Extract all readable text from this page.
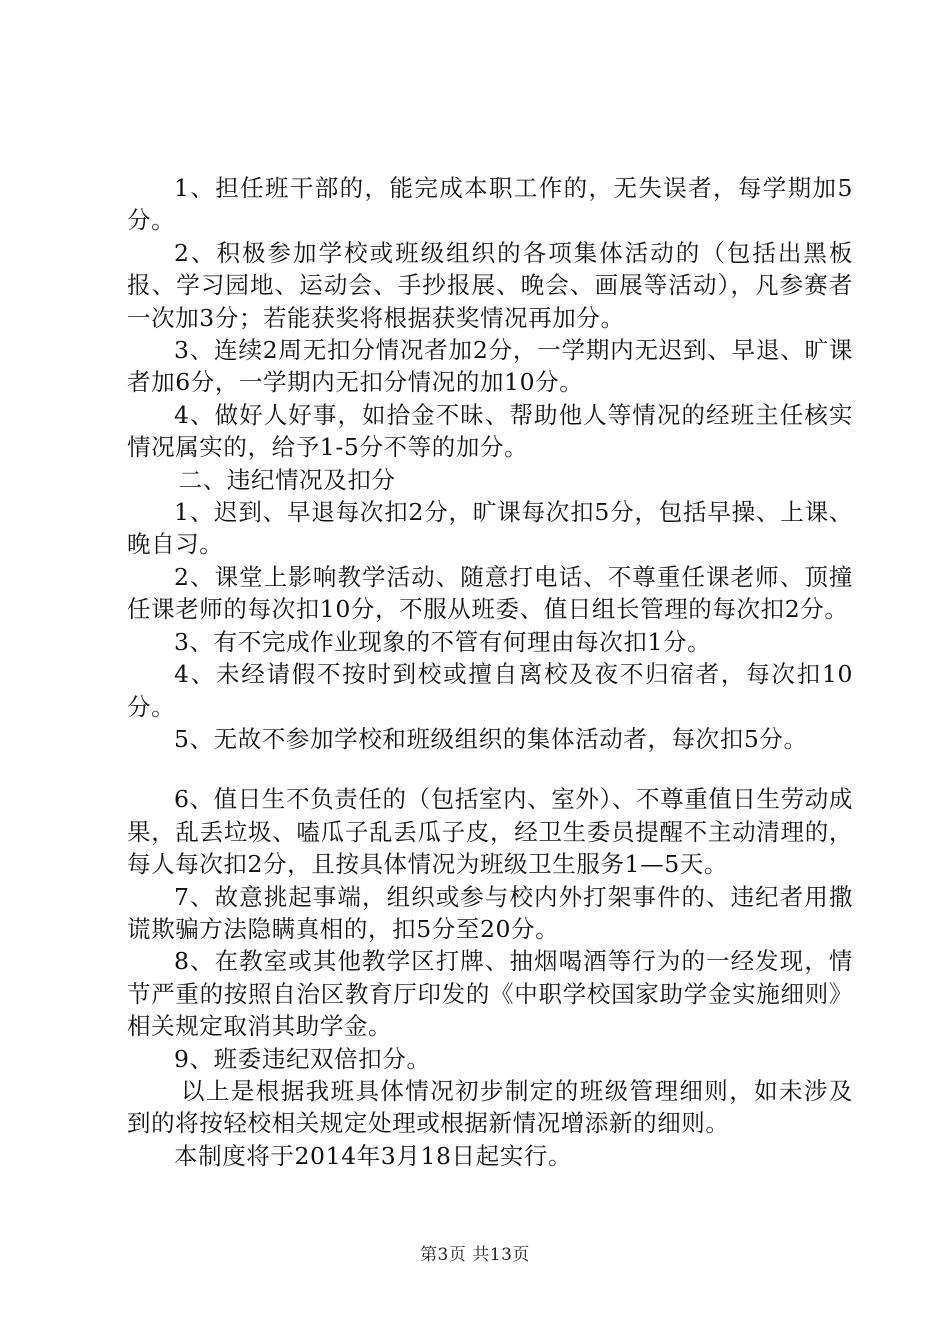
1、担任班干部的，能完成本职工作的，无失误者，每学期加5分。

2、积极参加学校或班级组织的各项集体活动的（包括出黑板报、学习园地、运动会、手抄报展、晚会、画展等活动），凡参赛者一次加3分；若能获奖将根据获奖情况再加分。

3、连续2周无扣分情况者加2分，一学期内无迟到、早退、旷课者加6分，一学期内无扣分情况的加10分。

4、做好人好事，如拾金不昧、帮助他人等情况的经班主任核实情况属实的，给予1-5分不等的加分。

二、违纪情况及扣分

1、迟到、早退每次扣2分，旷课每次扣5分，包括早操、上课、晚自习。

2、课堂上影响教学活动、随意打电话、不尊重任课老师、顶撞任课老师的每次扣10分，不服从班委、值日组长管理的每次扣2分。

3、有不完成作业现象的不管有何理由每次扣1分。

4、未经请假不按时到校或擅自离校及夜不归宿者，每次扣10分。

5、无故不参加学校和班级组织的集体活动者，每次扣5分。

6、值日生不负责任的（包括室内、室外）、不尊重值日生劳动成果，乱丢垃圾、嗑瓜子乱丢瓜子皮，经卫生委员提醒不主动清理的，每人每次扣2分，且按具体情况为班级卫生服务1—5天。

7、故意挑起事端，组织或参与校内外打架事件的、违纪者用撒谎欺骗方法隐瞒真相的，扣5分至20分。

8、在教室或其他教学区打牌、抽烟喝酒等行为的一经发现，情节严重的按照自治区教育厅印发的《中职学校国家助学金实施细则》相关规定取消其助学金。

9、班委违纪双倍扣分。

以上是根据我班具体情况初步制定的班级管理细则，如未涉及到的将按轻校相关规定处理或根据新情况增添新的细则。

本制度将于2014年3月18日起实行。

第3页 共13页
